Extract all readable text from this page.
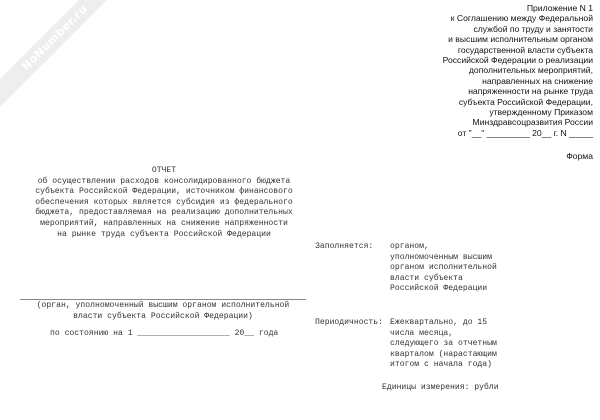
NoNumber.ru	Приложение N 1
к Соглашению между Федеральной
службой по труду и занятости
и высшим исполнительным органом
государственной власти субъекта
Российской Федерации о реализации
дополнительных мероприятий,
направленных на снижение
напряженности на рынке труда
субъекта Российской Федерации,
утвержденному Приказом
Минздравсоцразвития России
от "__" _________ 20__ г. N _____
Форма
ОТЧЕТ
об осуществлении расходов консолидированного бюджета
субъекта Российской Федерации, источником финансового
обеспечения которых является субсидия из федерального
бюджета, предоставляемая на реализацию дополнительных
мероприятий, направленных на снижение напряженности
на рынке труда субъекта Российской Федерации
Заполняется: органом,
уполномоченным высшим
органом исполнительной
власти субъекта
Российской Федерации
(орган, уполномоченный высшим органом исполнительной
власти субъекта Российской Федерации)
по состоянию на 1 ___________________ 20__ года
Периодичность: Ежеквартально, до 15
числа месяца,
следующего за отчетным
кварталом (нарастающим
итогом с начала года)
Единицы измерения: рубли
